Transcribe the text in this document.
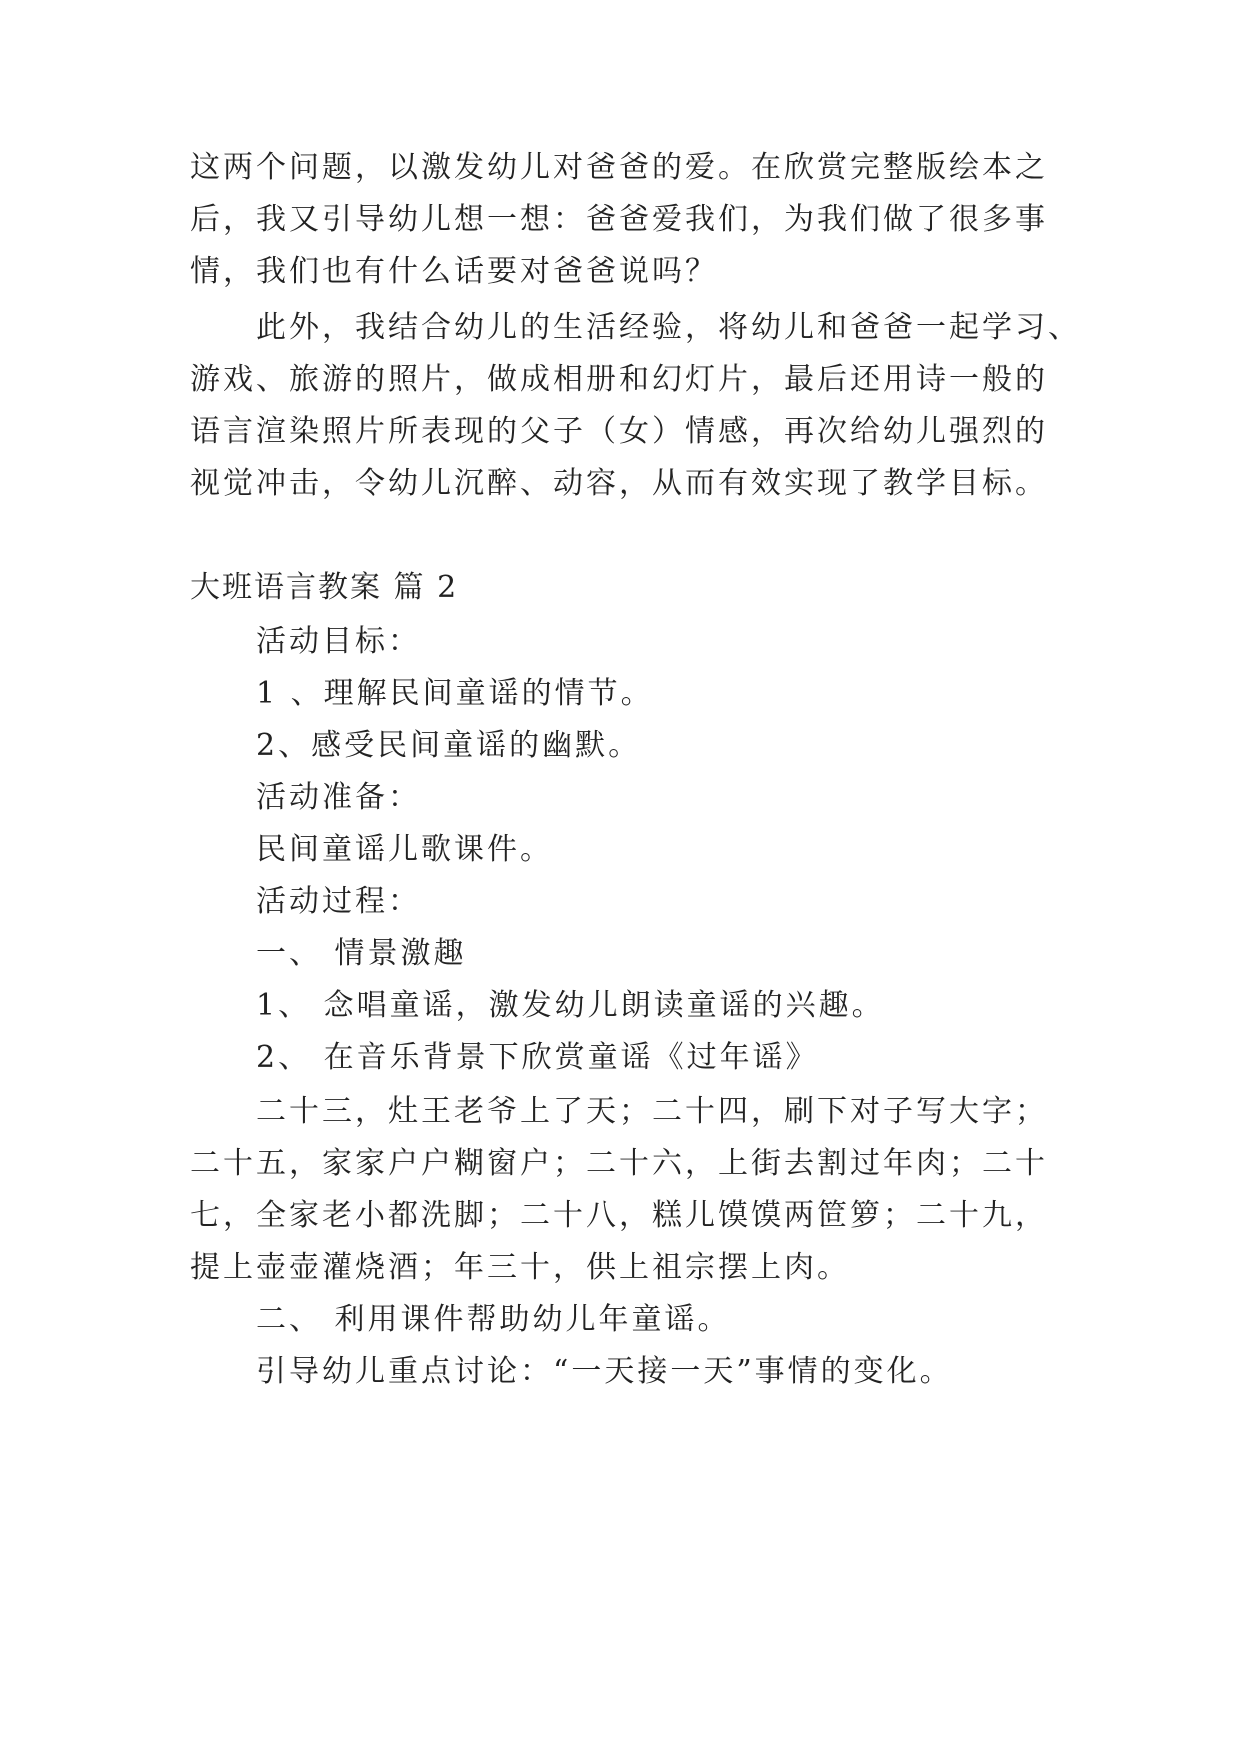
这两个问题，以激发幼儿对爸爸的爱。在欣赏完整版绘本之
后，我又引导幼儿想一想：爸爸爱我们，为我们做了很多事
情，我们也有什么话要对爸爸说吗？
此外，我结合幼儿的生活经验，将幼儿和爸爸一起学习、
游戏、旅游的照片，做成相册和幻灯片，最后还用诗一般的
语言渲染照片所表现的父子（女）情感，再次给幼儿强烈的
视觉冲击，令幼儿沉醉、动容，从而有效实现了教学目标。
大班语言教案 篇 2
活动目标：
1 、理解民间童谣的情节。
2、感受民间童谣的幽默。
活动准备：
民间童谣儿歌课件。
活动过程：
一、 情景激趣
1、 念唱童谣，激发幼儿朗读童谣的兴趣。
2、 在音乐背景下欣赏童谣《过年谣》
二十三，灶王老爷上了天；二十四，刷下对子写大字；
二十五，家家户户糊窗户；二十六，上街去割过年肉；二十
七，全家老小都洗脚；二十八，糕儿馍馍两笸箩；二十九，
提上壶壶灌烧酒；年三十，供上祖宗摆上肉。
二、 利用课件帮助幼儿年童谣。
引导幼儿重点讨论：“一天接一天”事情的变化。
